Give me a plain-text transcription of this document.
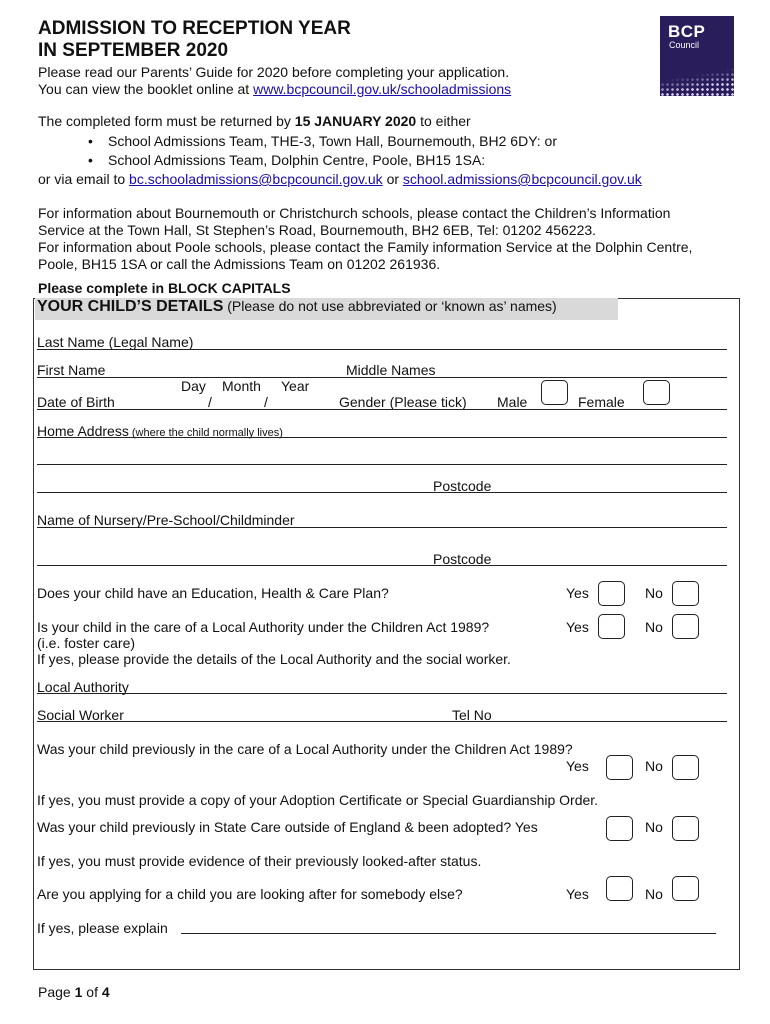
ADMISSION TO RECEPTION YEAR
IN SEPTEMBER 2020
BCP
Council
Please read our Parents’ Guide for 2020 before completing your application.
You can view the booklet online at www.bcpcouncil.gov.uk/schooladmissions
The completed form must be returned by 15 JANUARY 2020 to either
• School Admissions Team, THE-3, Town Hall, Bournemouth, BH2 6DY: or
• School Admissions Team, Dolphin Centre, Poole, BH15 1SA:
or via email to bc.schooladmissions@bcpcouncil.gov.uk or school.admissions@bcpcouncil.gov.uk
For information about Bournemouth or Christchurch schools, please contact the Children’s Information
Service at the Town Hall, St Stephen’s Road, Bournemouth, BH2 6EB, Tel: 01202 456223.
For information about Poole schools, please contact the Family information Service at the Dolphin Centre,
Poole, BH15 1SA or call the Admissions Team on 01202 261936.
Please complete in BLOCK CAPITALS
YOUR CHILD’S DETAILS (Please do not use abbreviated or ‘known as’ names)
Last Name (Legal Name)
First Name	Middle Names
Day Month Year
Date of Birth	/	/	Gender (Please tick) Male	Female
Home Address (where the child normally lives)
Postcode
Name of Nursery/Pre-School/Childminder
Postcode
Does your child have an Education, Health & Care Plan?	Yes	No
Is your child in the care of a Local Authority under the Children Act 1989?	Yes	No
(i.e. foster care)
If yes, please provide the details of the Local Authority and the social worker.
Local Authority
Social Worker	Tel No
Was your child previously in the care of a Local Authority under the Children Act 1989?
Yes	No
If yes, you must provide a copy of your Adoption Certificate or Special Guardianship Order.
Was your child previously in State Care outside of England & been adopted? Yes	No
If yes, you must provide evidence of their previously looked-after status.
Are you applying for a child you are looking after for somebody else?	Yes	No
If yes, please explain
Page 1 of 4
